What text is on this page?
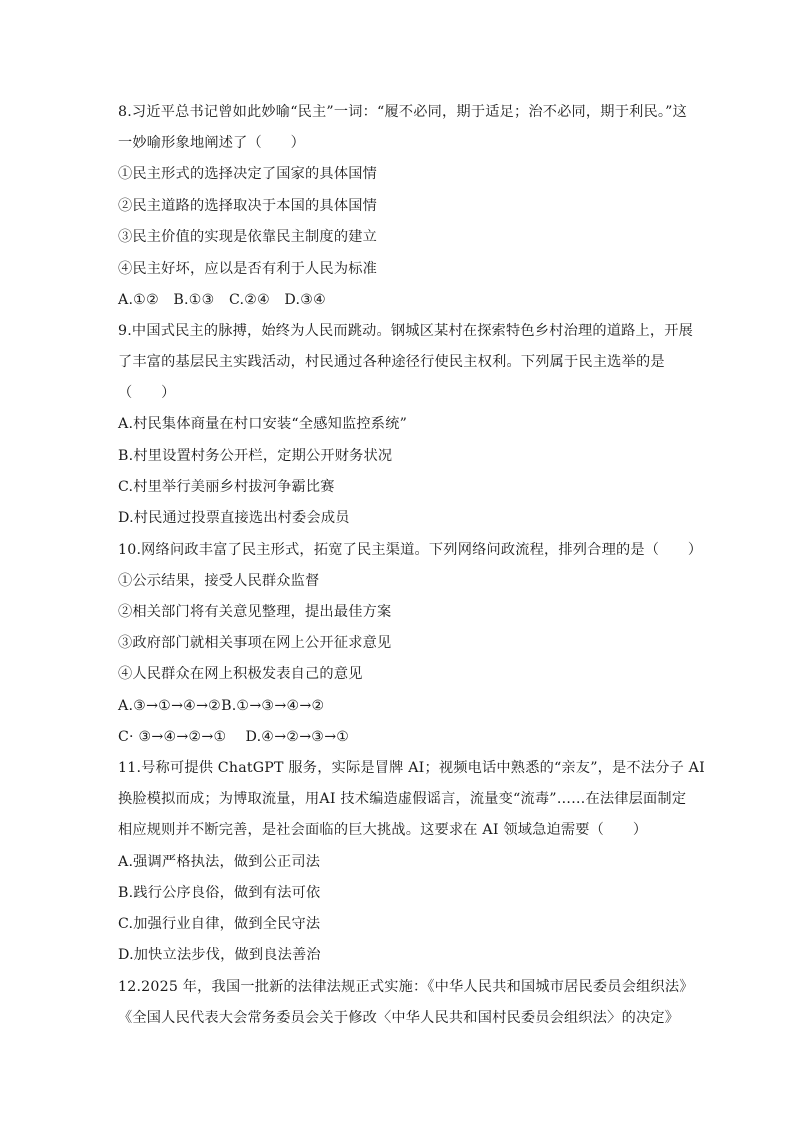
8.习近平总书记曾如此妙喻“民主”一词：“履不必同，期于适足；治不必同，期于利民。”这
一妙喻形象地阐述了（　　）
①民主形式的选择决定了国家的具体国情
②民主道路的选择取决于本国的具体国情
③民主价值的实现是依靠民主制度的建立
④民主好坏，应以是否有利于人民为标准
A.①②　B.①③　C.②④　D.③④
9.中国式民主的脉搏，始终为人民而跳动。钢城区某村在探索特色乡村治理的道路上，开展
了丰富的基层民主实践活动，村民通过各种途径行使民主权利。下列属于民主选举的是
（　　）
A.村民集体商量在村口安装“全感知监控系统”
B.村里设置村务公开栏，定期公开财务状况
C.村里举行美丽乡村拔河争霸比赛
D.村民通过投票直接选出村委会成员
10.网络问政丰富了民主形式，拓宽了民主渠道。下列网络问政流程，排列合理的是（　　）
①公示结果，接受人民群众监督
②相关部门将有关意见整理，提出最佳方案
③政府部门就相关事项在网上公开征求意见
④人民群众在网上积极发表自己的意见
A.③→①→④→②B.①→③→④→②
C· ③→④→②→①　 D.④→②→③→①
11.号称可提供 ChatGPT 服务，实际是冒牌 AI；视频电话中熟悉的“亲友”，是不法分子 AI
换脸模拟而成；为博取流量，用AI 技术编造虚假谣言，流量变“流毒”……在法律层面制定
相应规则并不断完善，是社会面临的巨大挑战。这要求在 AI 领域急迫需要（　　）
A.强调严格执法，做到公正司法
B.践行公序良俗，做到有法可依
C.加强行业自律，做到全民守法
D.加快立法步伐，做到良法善治
12.2025 年，我国一批新的法律法规正式实施：《中华人民共和国城市居民委员会组织法》
《全国人民代表大会常务委员会关于修改〈中华人民共和国村民委员会组织法〉的决定》
